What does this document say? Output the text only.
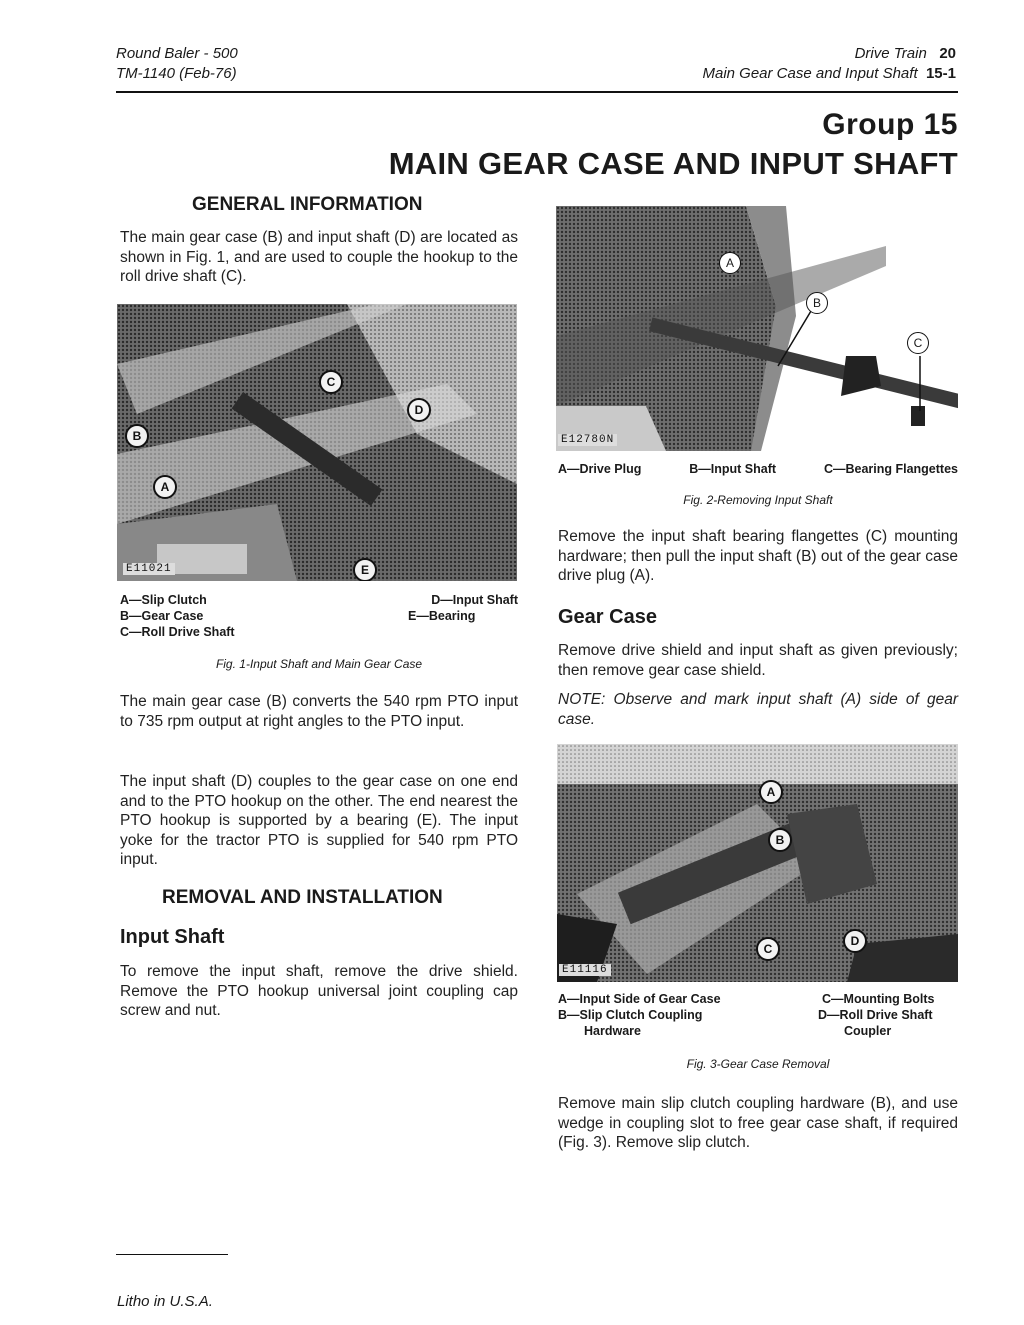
Round Baler - 500
TM-1140 (Feb-76)
Drive Train 20
Main Gear Case and Input Shaft 15-1
Group 15
MAIN GEAR CASE AND INPUT SHAFT
GENERAL INFORMATION
The main gear case (B) and input shaft (D) are located as shown in Fig. 1, and are used to couple the hookup to the roll drive shaft (C).
C
D
B
A
E
E11021
A—Slip Clutch
B—Gear Case
C—Roll Drive Shaft
D—Input Shaft
E—Bearing
Fig. 1-Input Shaft and Main Gear Case
The main gear case (B) converts the 540 rpm PTO input to 735 rpm output at right angles to the PTO input.
The input shaft (D) couples to the gear case on one end and to the PTO hookup on the other. The end nearest the PTO hookup is supported by a bearing (E). The input yoke for the tractor PTO is supplied for 540 rpm PTO input.
REMOVAL AND INSTALLATION
Input Shaft
To remove the input shaft, remove the drive shield. Remove the PTO hookup universal joint coupling cap screw and nut.
Litho in U.S.A.
A
B
C
E12780N
A—Drive Plug	B—Input Shaft	C—Bearing Flangettes
Fig. 2-Removing Input Shaft
Remove the input shaft bearing flangettes (C) mounting hardware; then pull the input shaft (B) out of the gear case drive plug (A).
Gear Case
Remove drive shield and input shaft as given previously; then remove gear case shield.
NOTE: Observe and mark input shaft (A) side of gear case.
A
B
C
D
E11116
A—Input Side of Gear Case
B—Slip Clutch Coupling
Hardware
C—Mounting Bolts
D—Roll Drive Shaft
Coupler
Fig. 3-Gear Case Removal
Remove main slip clutch coupling hardware (B), and use wedge in coupling slot to free gear case shaft, if required (Fig. 3). Remove slip clutch.
